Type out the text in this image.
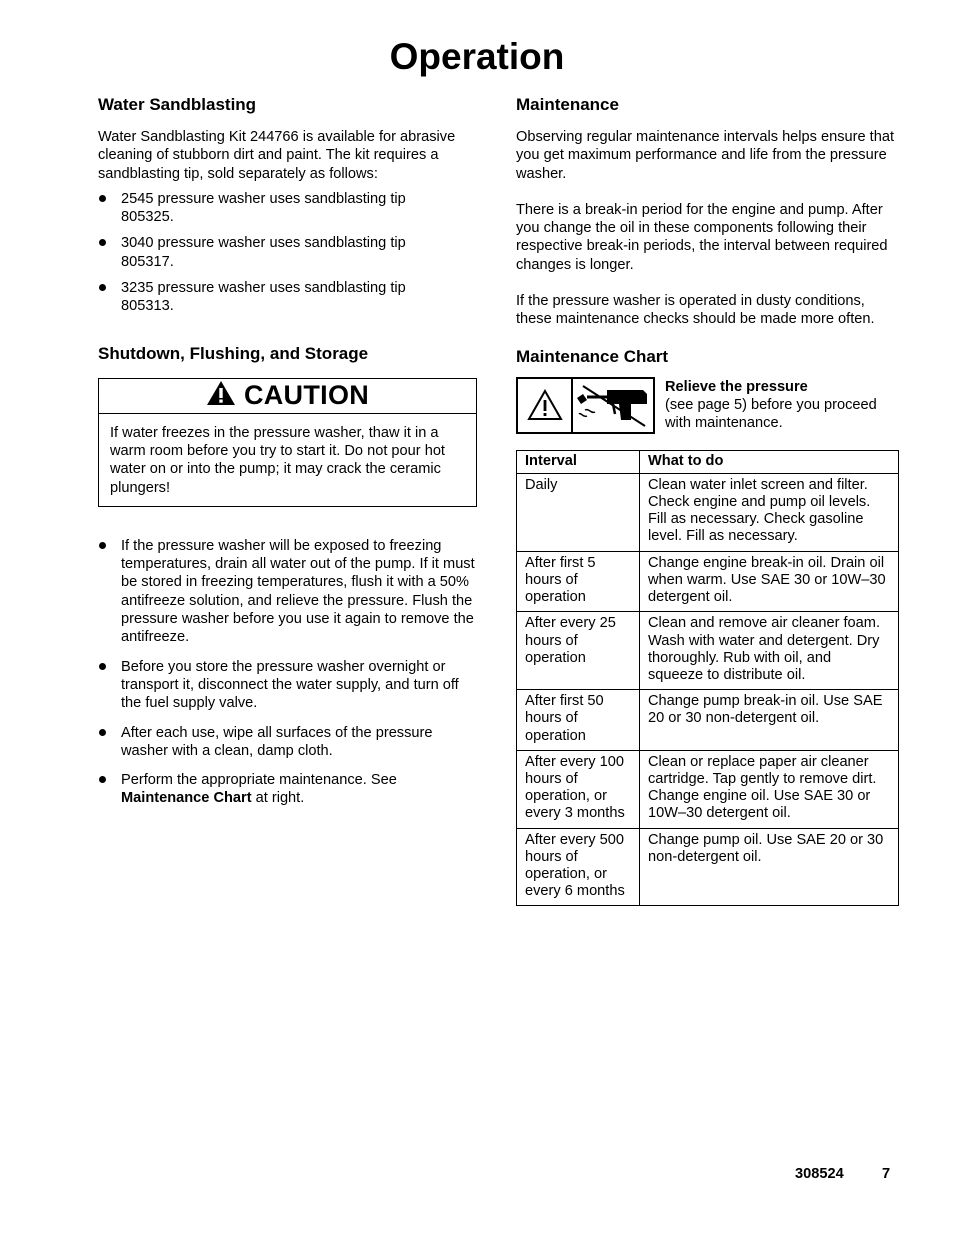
Operation
Water Sandblasting

Water Sandblasting Kit 244766 is available for abrasive cleaning of stubborn dirt and paint. The kit requires a sandblasting tip, sold separately as follows:

2545 pressure washer uses sandblasting tip 805325.
3040 pressure washer uses sandblasting tip 805317.
3235 pressure washer uses sandblasting tip 805313.
Shutdown, Flushing, and Storage
CAUTION
If water freezes in the pressure washer, thaw it in a warm room before you try to start it. Do not pour hot water on or into the pump; it may crack the ceramic plungers!
If the pressure washer will be exposed to freezing temperatures, drain all water out of the pump. If it must be stored in freezing temperatures, flush it with a 50% antifreeze solution, and relieve the pressure. Flush the pressure washer before you use it again to remove the antifreeze.
Before you store the pressure washer overnight or transport it, disconnect the water supply, and turn off the fuel supply valve.
After each use, wipe all surfaces of the pressure washer with a clean, damp cloth.
Perform the appropriate maintenance. See Maintenance Chart at right.
Maintenance

Observing regular maintenance intervals helps ensure that you get maximum performance and life from the pressure washer.

There is a break-in period for the engine and pump. After you change the oil in these components following their respective break-in periods, the interval between required changes is longer.

If the pressure washer is operated in dusty conditions, these maintenance checks should be made more often.

Maintenance Chart
Relieve the pressure
(see page 5) before you proceed with maintenance.
Interval	What to do
Daily	Clean water inlet screen and filter. Check engine and pump oil levels. Fill as necessary. Check gasoline level. Fill as necessary.
After first 5 hours of operation	Change engine break-in oil. Drain oil when warm. Use SAE 30 or 10W–30 detergent oil.
After every 25 hours of operation	Clean and remove air cleaner foam. Wash with water and detergent. Dry thoroughly. Rub with oil, and squeeze to distribute oil.
After first 50 hours of operation	Change pump break-in oil. Use SAE 20 or 30 non-detergent oil.
After every 100 hours of operation, or every 3 months	Clean or replace paper air cleaner cartridge. Tap gently to remove dirt. Change engine oil. Use SAE 30 or 10W–30 detergent oil.
After every 500 hours of operation, or every 6 months	Change pump oil. Use SAE 20 or 30 non-detergent oil.
308524	7
